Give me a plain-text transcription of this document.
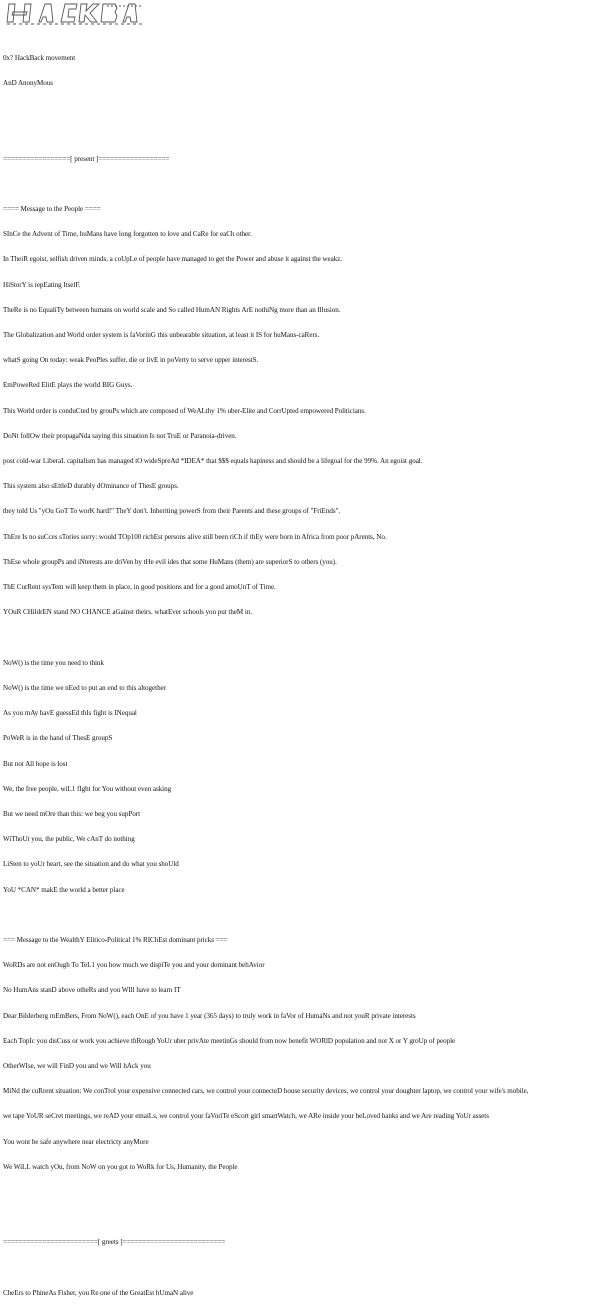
0x? HackBack movement

AnD AnonyMous

=================[ present ]==================

==== Message to the People ====

SInCe the Advent of Time, huMans have long forgotten to love and CaRe for eaCh other.

In TheiR egoist, selfish driven minds, a coUpLe of people have managed to get the Power and abuse it against the weakz.

HiStorY is repEating ItselF.

TheRe is no EqualiTy between humans on world scale and So called HumAN Rights ArE nothiNg more than an Illusion.

The Globalization and World order system is faVorinG this unbearable situation, at least it IS for huMans-caRers.

whatS going On today: weak PeoPles suffer, die or livE in poVerty to serve upper interestS.

EmPoweRed ElitE plays the world BIG Guys.

This World order is conduCted by grouPs which are composed of WeALthy 1% uber-Elite and CorrUpted empowered Politicians.

DoNt follOw their propagaNda saying this situation Is not TruE or Paranoia-driven.

post cold-war LiberaL capitalism has managed tO wideSpreAd *IDEA* that $$$ equals hapiness and should be a lifegoal for the 99%. An egoist goal.

This system also sEttleD durably dOminance of ThesE groups.

they told Us "yOu GoT To worK hard!" TheY don't. Inheriting powerS from their Parents and these groups of "FriEnds".

ThEre Is no suCces sTories sorry: would TOp100 richEst persons alive still been riCh if thEy were born in Africa from poor pArents, No.

ThEse whole groupPs and iNterests are driVen by tHe evil ides that some HuMans (them) are superiorS to others (you).

ThE CurRent sysTem will keep them in place, in good positions and for a good amoUnT of Time.

YOuR CHildrEN stand NO CHANCE aGainst theirs. whatEver schools you put theM in.

NoW() is the time you need to think

NoW() is the time we nEed to put an end to this altogether

As you mAy havE guessEd thIs fight is INequal

PoWeR is in the hand of ThesE groupS

But not All hope is lost

We, the free people, wiL1 fIght for You without even asking

But we need mOre than this: we beg you supPort

WiThoUt you, the public, We cAnT do nothing

LiSten to yoUr heart, see the situation and do what you shoUld

YoU *CAN* makE the world a better place

=== Message to the WealthY Elitico-Political 1% RIChEst dominant pricks ===

WoRDs are not enOugh To TeL1 you how much we dispiTe you and your dominant behAvior

No HumAns stanD above otheRs and you WIll have to learn IT

Dear Bilderberg mEmBers, From NoW(), each OnE of you have 1 year (365 days) to truly work in faVor of HumaNs and not youR private interests

Each TopIc you disCuss or work you achieve thRough YoUr uber privAte meetinGs should from now benefit WORlD population and not X or Y groUp of people

OtherWIse, we will FinD you and we Will hAck you

MiNd the cuRrent situation: We conTrol your expensive connected cars, we control your connecteD house security devices, we control your doughter laptop, we control your wife's mobile,

we tape YoUR seCret meetings, we reAD your emaiLs, we control your faVoriTe eScort girl smartWatch, we ARe inside your beLoved banks and we Are reading YoUr assets

You wont be safe anywhere near electricty anyMore

We WiLL watch yOu, from NoW on you got to WoRk for Us, Humanity, the People

========================[ greets ]==========================

CheErs to PhineAs Fisher, you Re one of the GreatEst hUmaN alive
